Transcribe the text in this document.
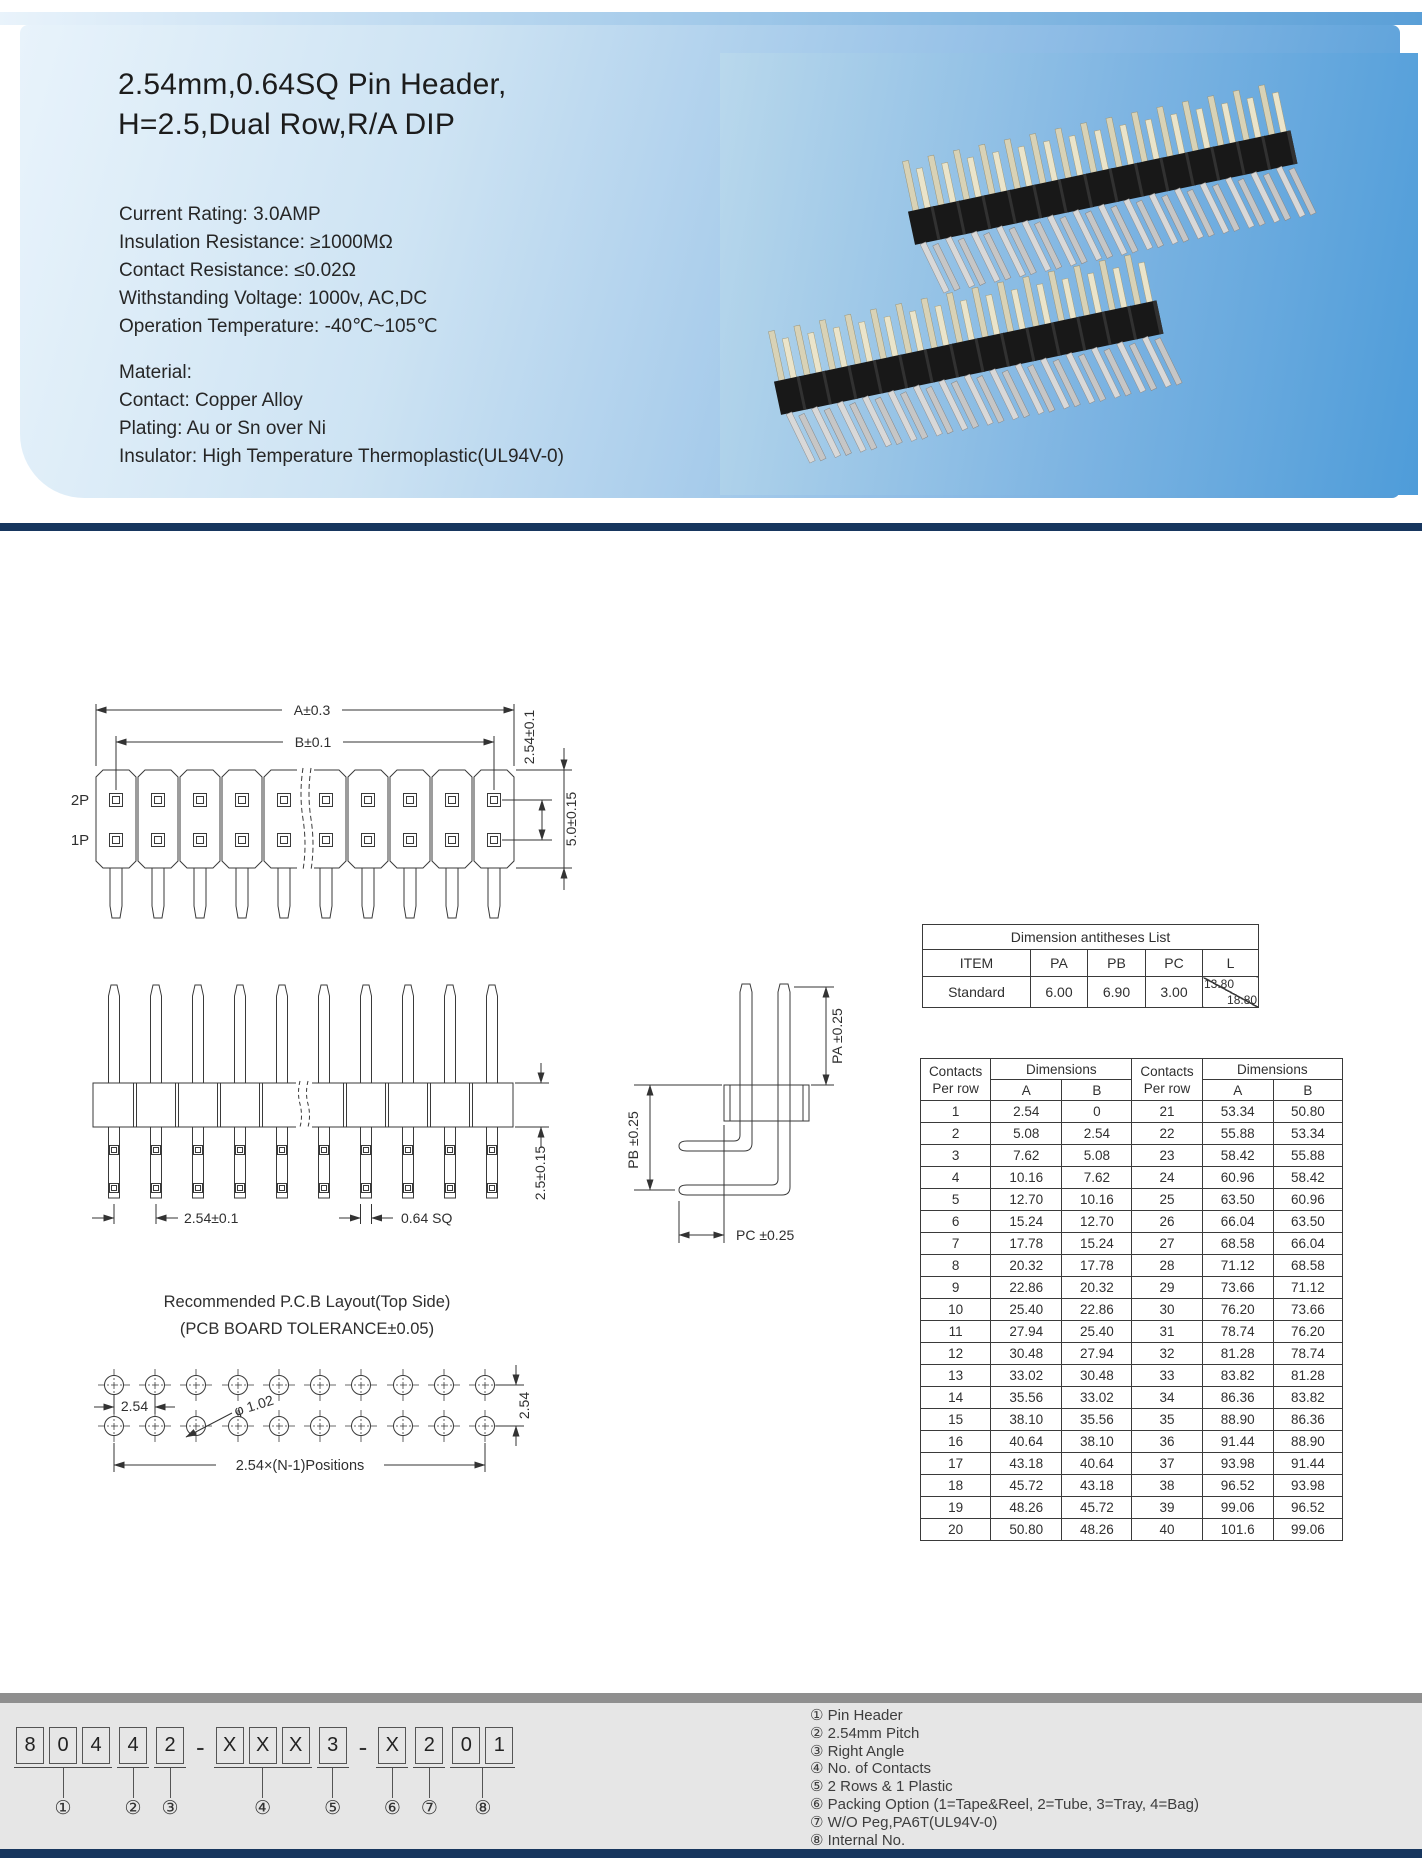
2.54mm,0.64SQ Pin Header,
H=2.5,Dual Row,R/A DIP
Current Rating: 3.0AMP
Insulation Resistance: ≥1000MΩ
Contact Resistance: ≤0.02Ω
Withstanding Voltage: 1000v, AC,DC
Operation Temperature: -40℃~105℃
Material:
Contact: Copper Alloy
Plating: Au or Sn over Ni
Insulator: High Temperature Thermoplastic(UL94V-0)
A±0.3
B±0.1	2.54±0.1
5.0±0.15
2P
1P
2.54±0.1	0.64 SQ
2.5±0.15
PA ±0.25
PB ±0.25
PC ±0.25
Recommended P.C.B Layout(Top Side)
(PCB BOARD TOLERANCE±0.05)
2.54	φ 1.02
2.54×(N-1)Positions
2.54
Dimension antitheses List				
ITEM	PA	PB	PC	L
Standard	6.00	6.90	3.00	13.80
18.80
Contacts
Per row
	Dimensions	Contacts
Per row
	Dimensions
	A	B		A	B
1	2.54	0	21	53.34	50.80
2	5.08	2.54	22	55.88	53.34
3	7.62	5.08	23	58.42	55.88
4	10.16	7.62	24	60.96	58.42
5	12.70	10.16	25	63.50	60.96
6	15.24	12.70	26	66.04	63.50
7	17.78	15.24	27	68.58	66.04
8	20.32	17.78	28	71.12	68.58
9	22.86	20.32	29	73.66	71.12
10	25.40	22.86	30	76.20	73.66
11	27.94	25.40	31	78.74	76.20
12	30.48	27.94	32	81.28	78.74
13	33.02	30.48	33	83.82	81.28
14	35.56	33.02	34	86.36	83.82
15	38.10	35.56	35	88.90	86.36
16	40.64	38.10	36	91.44	88.90
17	43.18	40.64	37	93.98	91.44
18	45.72	43.18	38	96.52	93.98
19	48.26	45.72	39	99.06	96.52
20	50.80	48.26	40	101.6	99.06
8	0	4
①
4
②
2
③
- X X X
④
3
⑤
- X
⑥
2
⑦
0	1
⑧
① Pin Header
② 2.54mm Pitch
③ Right Angle
④ No. of Contacts
⑤ 2 Rows & 1 Plastic
⑥ Packing Option (1=Tape&Reel, 2=Tube, 3=Tray, 4=Bag)
⑦ W/O Peg,PA6T(UL94V-0)
⑧ Internal No.
